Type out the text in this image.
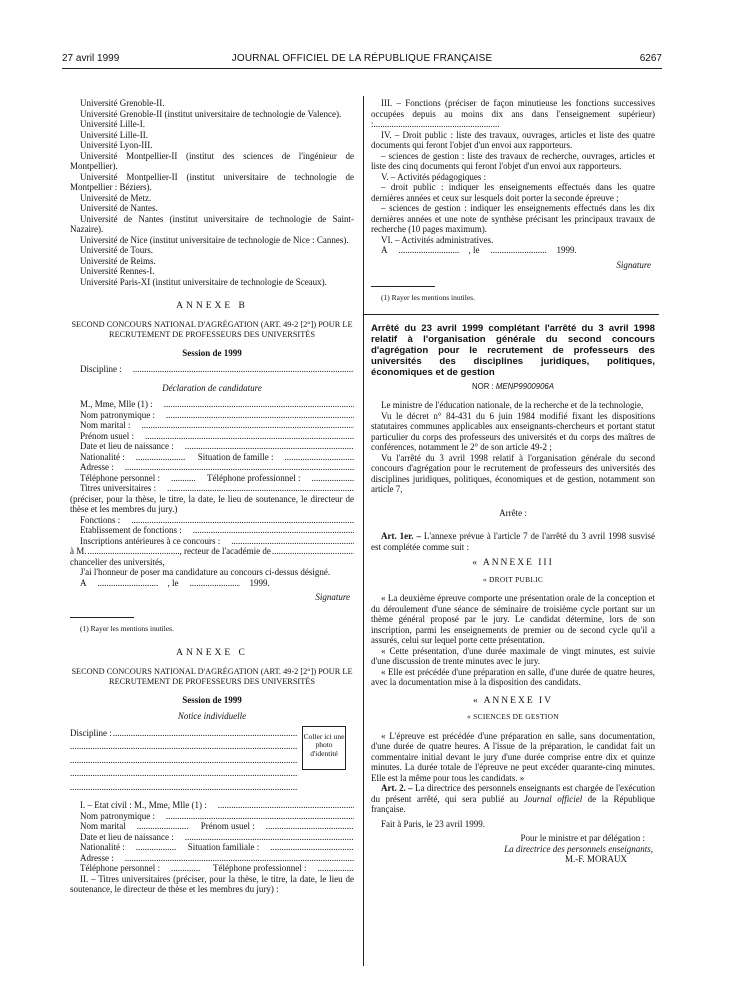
27 avril 1999	JOURNAL OFFICIEL DE LA RÉPUBLIQUE FRANÇAISE	6267

Université Grenoble-II.

Université Grenoble-II (institut universitaire de technologie de Valence).

Université Lille-I.

Université Lille-II.

Université Lyon-III.

Université Montpellier-II (institut des sciences de l'ingénieur de Montpellier).

Université Montpellier-II (institut universitaire de technologie de Montpellier : Béziers).

Université de Metz.

Université de Nantes.

Université de Nantes (institut universitaire de technologie de Saint-Nazaire).

Université de Nice (institut universitaire de technologie de Nice : Cannes).

Université de Tours.

Université de Reims.

Université Rennes-I.

Université Paris-XI (institut universitaire de technologie de Sceaux).

ANNEXE B
SECOND CONCOURS NATIONAL D'AGRÉGATION (ART. 49-2 [2°]) POUR LE RECRUTEMENT DE PROFESSEURS DES UNIVERSITÉS
Session de 1999

Discipline :
.....

Déclaration de candidature

M., Mme, Mlle (1) :
.....

Nom patronymique :
.....

Nom marital :
.....

Prénom usuel :
.....

Date et lieu de naissance :
.....

Nationalité : .....	Situation de famille :
.....

Adresse :
.....

Téléphone personnel : .....	Téléphone professionnel :
.....

Titres universitaires :
.....

(préciser, pour la thèse, le titre, la date, le lieu de soutenance, le directeur de thèse et les membres du jury.)

Fonctions :
.....

Etablissement de fonctions :
.....

Inscriptions antérieures à ce concours :
.....

à M. .....	, recteur de l'académie de
.....

chancelier des universités,

J'ai l'honneur de poser ma candidature au concours ci-dessus désigné.

A .....	, le .....	1999.

Signature

(1) Rayer les mentions inutiles.

ANNEXE C
SECOND CONCOURS NATIONAL D'AGRÉGATION (ART. 49-2 [2°]) POUR LE RECRUTEMENT DE PROFESSEURS DES UNIVERSITÉS
Session de 1999
Notice individuelle

Discipline : .....

.....
.....
.....
.....	Coller ici une photo d'identité

I. – Etat civil : M., Mme, Mlle (1) :
.....

Nom patronymique :
.....

Nom marital .....	Prénom usuel :
.....

Date et lieu de naissance :
.....

Nationalité : .....	Situation familiale :
.....

Adresse :
.....

Téléphone personnel : .....	Téléphone professionnel :
.....

II. – Titres universitaires (préciser, pour la thèse, le titre, la date, le lieu de soutenance, le directeur de thèse et les membres du jury) :

III. – Fonctions (préciser de façon minutieuse les fonctions successives occupées depuis au moins dix ans dans l'enseignement supérieur) :........................................................

IV. – Droit public : liste des travaux, ouvrages, articles et liste des quatre documents qui feront l'objet d'un envoi aux rapporteurs.

– sciences de gestion : liste des travaux de recherche, ouvrages, articles et liste des cinq documents qui feront l'objet d'un envoi aux rapporteurs.

V. – Activités pédagogiques :

– droit public : indiquer les enseignements effectués dans les quatre dernières années et ceux sur lesquels doit porter la seconde épreuve ;

– sciences de gestion : indiquer les enseignements effectués dans les dix dernières années et une note de synthèse précisant les principaux travaux de recherche (10 pages maximum).

VI. – Activités administratives.

A .....	, le .....	1999.

Signature

(1) Rayer les mentions inutiles.

Arrêté du 23 avril 1999 complétant l'arrêté du 3 avril 1998 relatif à l'organisation générale du second concours d'agrégation pour le recrutement de professeurs des universités des disciplines juridiques, politiques, économiques et de gestion

NOR : MENP9900906A

Le ministre de l'éducation nationale, de la recherche et de la technologie,

Vu le décret n° 84-431 du 6 juin 1984 modifié fixant les dispositions statutaires communes applicables aux enseignants-chercheurs et portant statut particulier du corps des professeurs des universités et du corps des maîtres de conférences, notamment le 2° de son article 49-2 ;

Vu l'arrêté du 3 avril 1998 relatif à l'organisation générale du second concours d'agrégation pour le recrutement de professeurs des universités des disciplines juridiques, politiques, économiques et de gestion, notamment son article 7,

Arrête :

Art. 1er. – L'annexe prévue à l'article 7 de l'arrêté du 3 avril 1998 susvisé est complétée comme suit :

« ANNEXE III
« DROIT PUBLIC

« La deuxième épreuve comporte une présentation orale de la conception et du déroulement d'une séance de séminaire de troisième cycle portant sur un thème général proposé par le jury. Le candidat détermine, lors de son inscription, parmi les enseignements de premier ou de second cycle qu'il a assurés, celui sur lequel porte cette présentation.

« Cette présentation, d'une durée maximale de vingt minutes, est suivie d'une discussion de trente minutes avec le jury.

« Elle est précédée d'une préparation en salle, d'une durée de quatre heures, avec la documentation mise à la disposition des candidats.

« ANNEXE IV
« SCIENCES DE GESTION

« L'épreuve est précédée d'une préparation en salle, sans documentation, d'une durée de quatre heures. A l'issue de la préparation, le candidat fait un commentaire initial devant le jury d'une durée comprise entre dix et quinze minutes. La durée totale de l'épreuve ne peut excéder quarante-cinq minutes. Elle est la même pour tous les candidats. »

Art. 2. – La directrice des personnels enseignants est chargée de l'exécution du présent arrêté, qui sera publié au Journal officiel de la République française.

Fait à Paris, le 23 avril 1999.

Pour le ministre et par délégation :

La directrice des personnels enseignants,

M.-F. MORAUX
